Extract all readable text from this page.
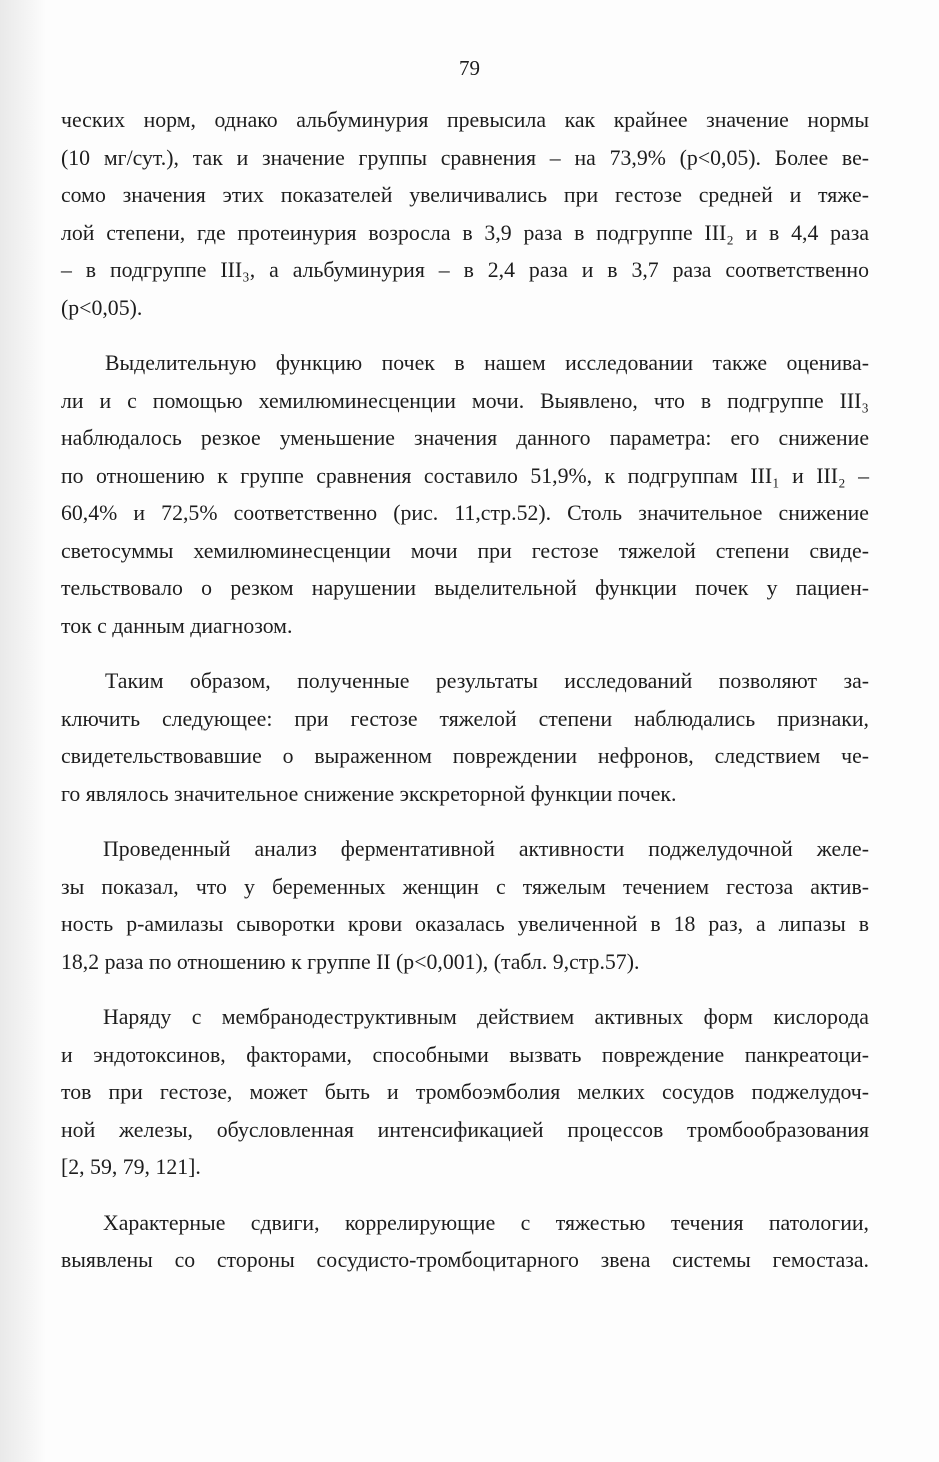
79
ческих норм, однако альбуминурия превысила как крайнее значение нормы
(10 мг/сут.), так и значение группы сравнения – на 73,9% (p<0,05). Более ве-
сомо значения этих показателей увеличивались при гестозе средней и тяже-
лой степени, где протеинурия возросла в 3,9 раза в подгруппе III₂ и в 4,4 раза
– в подгруппе III₃, а альбуминурия – в 2,4 раза и в 3,7 раза соответственно
(p<0,05).
Выделительную функцию почек в нашем исследовании также оценива-
ли и с помощью хемилюминесценции мочи. Выявлено, что в подгруппе III₃
наблюдалось резкое уменьшение значения данного параметра: его снижение
по отношению к группе сравнения составило 51,9%, к подгруппам III₁ и III₂ –
60,4% и 72,5% соответственно (рис. 11,стр.52). Столь значительное снижение
светосуммы хемилюминесценции мочи при гестозе тяжелой степени свиде-
тельствовало о резком нарушении выделительной функции почек у пациен-
ток с данным диагнозом.
Таким образом, полученные результаты исследований позволяют за-
ключить следующее: при гестозе тяжелой степени наблюдались признаки,
свидетельствовавшие о выраженном повреждении нефронов, следствием че-
го являлось значительное снижение экскреторной функции почек.
Проведенный анализ ферментативной активности поджелудочной желе-
зы показал, что у беременных женщин с тяжелым течением гестоза актив-
ность р-амилазы сыворотки крови оказалась увеличенной в 18 раз, а липазы в
18,2 раза по отношению к группе II (p<0,001), (табл. 9,стр.57).
Наряду с мембранодеструктивным действием активных форм кислорода
и эндотоксинов, факторами, способными вызвать повреждение панкреатоци-
тов при гестозе, может быть и тромбоэмболия мелких сосудов поджелудоч-
ной железы, обусловленная интенсификацией процессов тромбообразования
[2, 59, 79, 121].
Характерные сдвиги, коррелирующие с тяжестью течения патологии,
выявлены со стороны сосудисто-тромбоцитарного звена системы гемостаза.
